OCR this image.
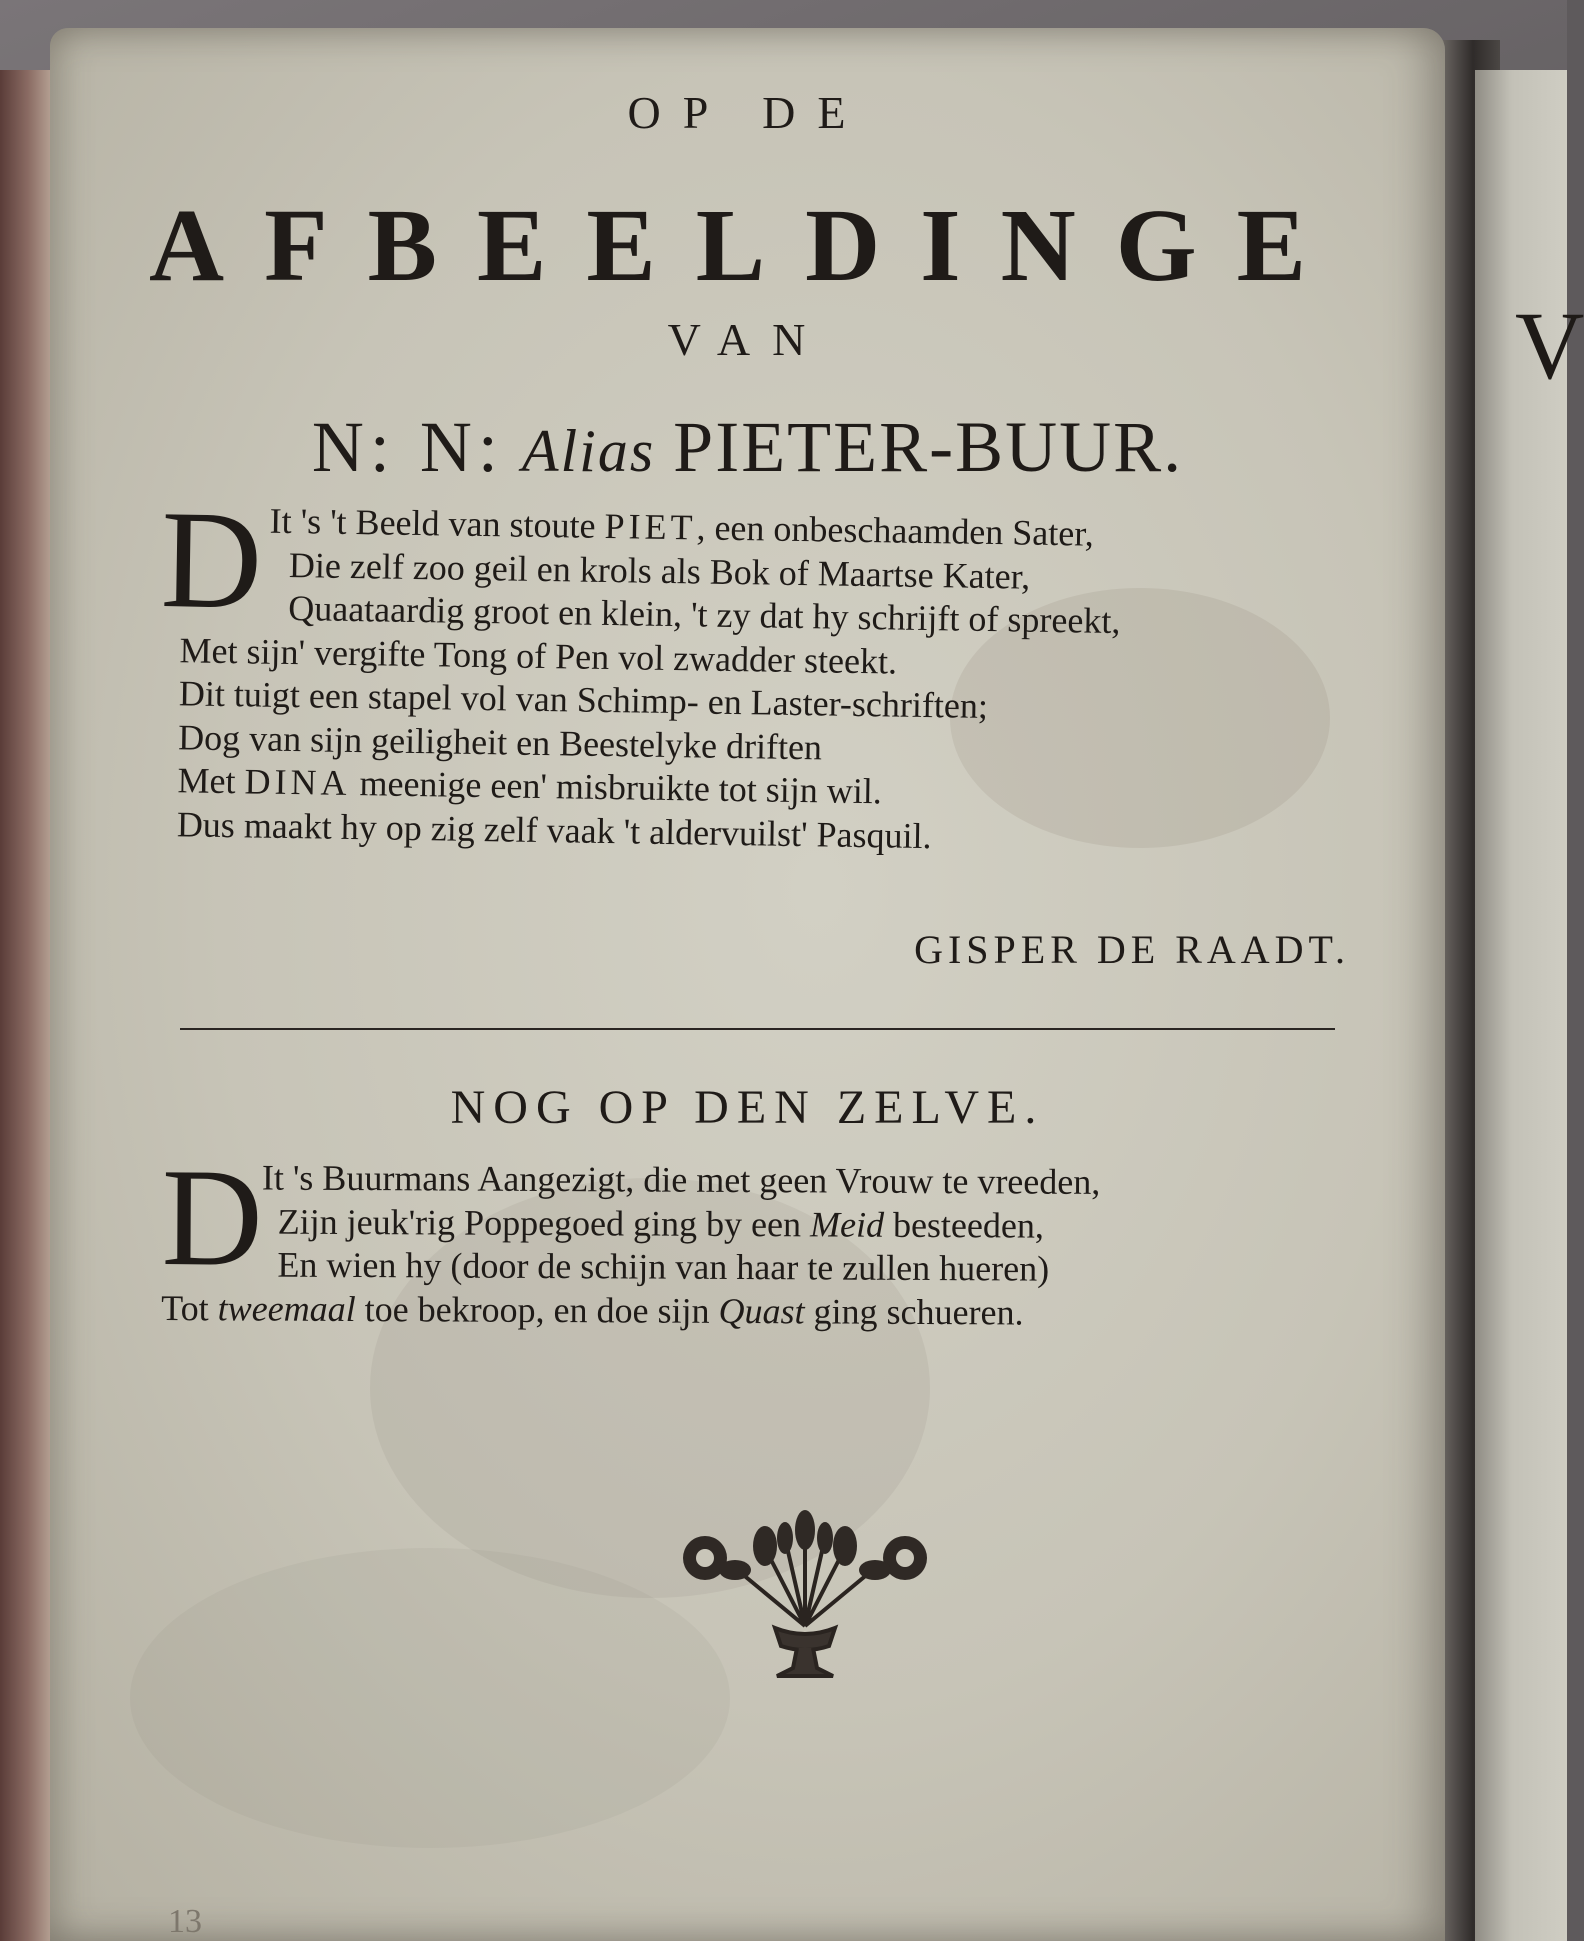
V
OP DE
AFBEELDINGE
VAN
N: N: Alias PIETER-BUUR.
D It 's 't Beeld van stoute PIET, een onbeschaamden Sater,
Die zelf zoo geil en krols als Bok of Maartse Kater,
Quaataardig groot en klein, 't zy dat hy schrijft of spreekt,
Met sijn' vergifte Tong of Pen vol zwadder steekt.
Dit tuigt een stapel vol van Schimp- en Laster-schriften;
Dog van sijn geiligheit en Beestelyke driften
Met DINA meenige een' misbruikte tot sijn wil.
Dus maakt hy op zig zelf vaak 't aldervuilst' Pasquil.
GISPER DE RAADT.
NOG OP DEN ZELVE.
D
It 's Buurmans Aangezigt, die met geen Vrouw te vreeden,
Zijn jeuk'rig Poppegoed ging by een Meid besteeden,
En wien hy (door de schijn van haar te zullen hueren)
Tot tweemaal toe bekroop, en doe sijn Quast ging schueren.
13
